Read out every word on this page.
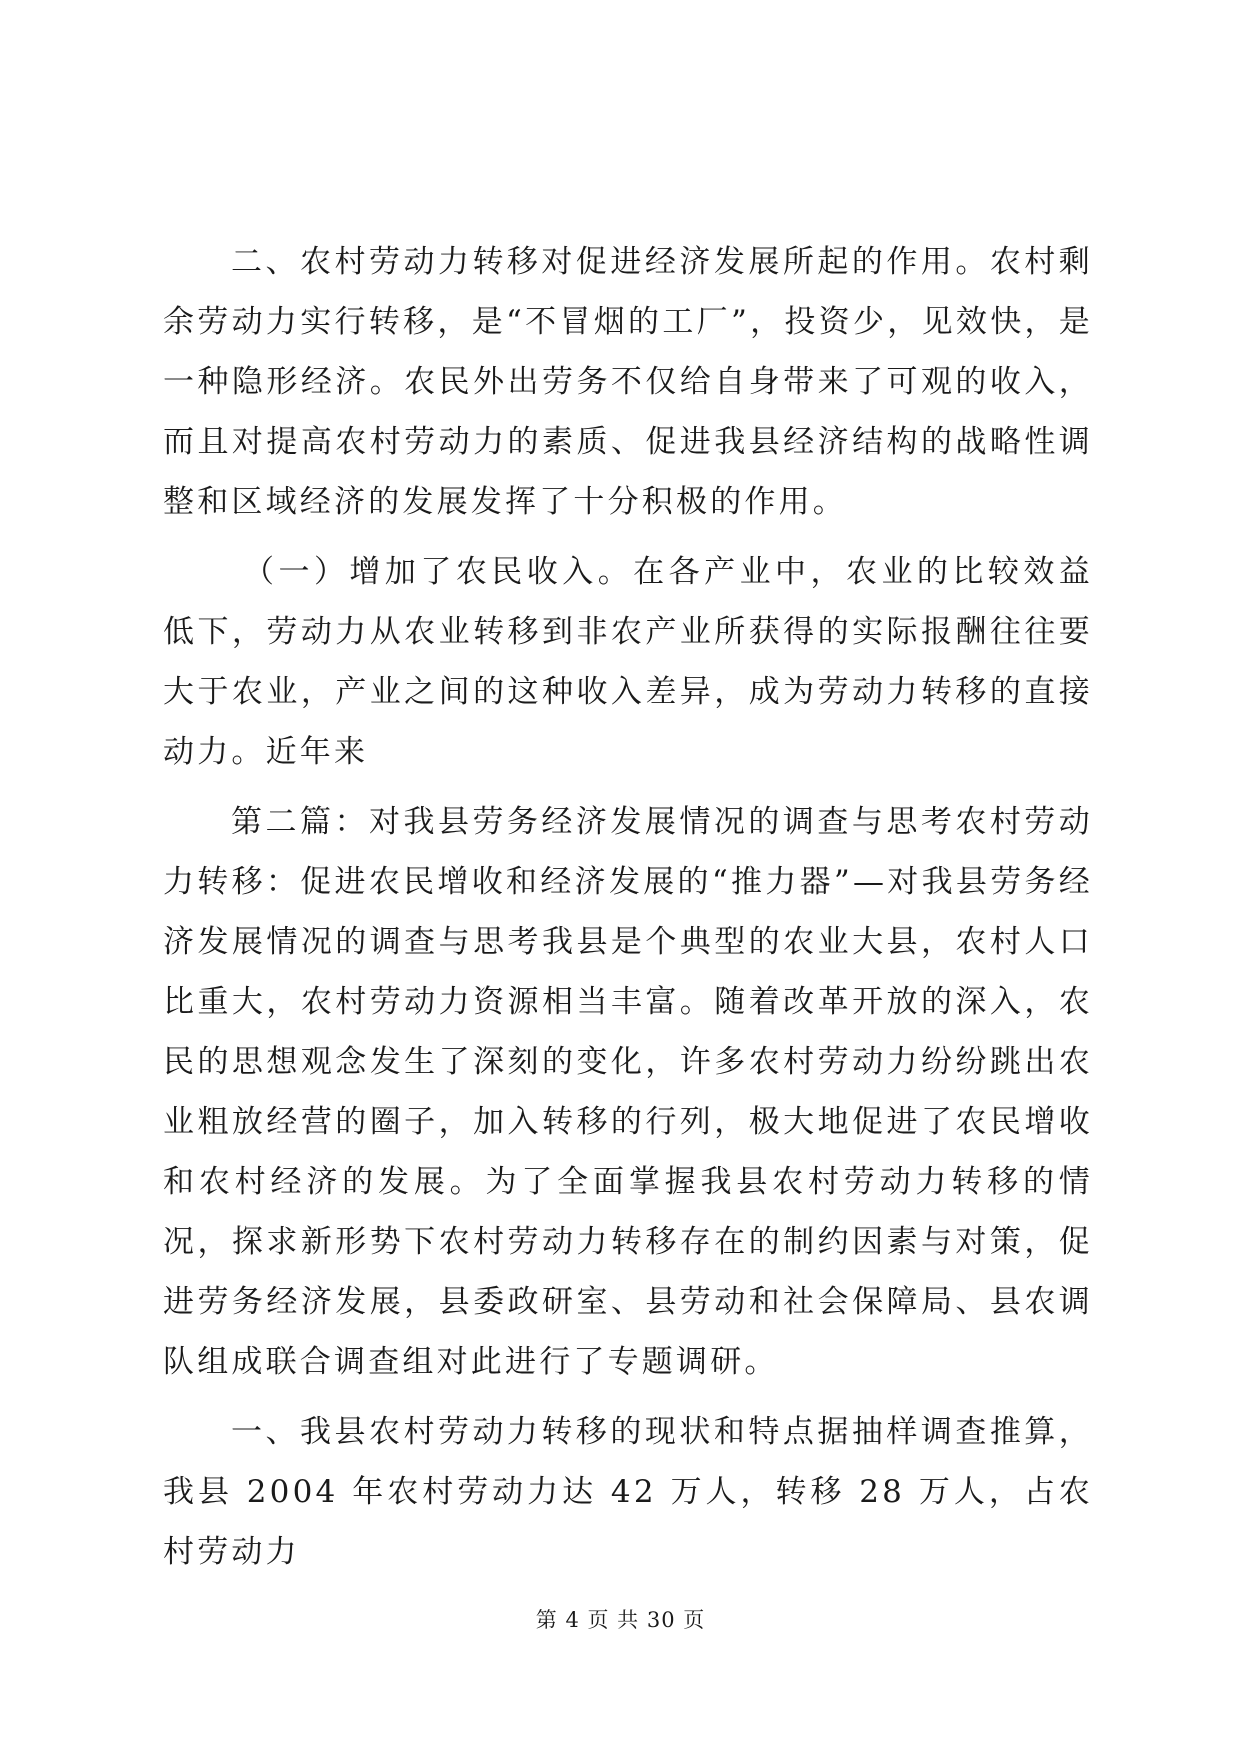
二、农村劳动力转移对促进经济发展所起的作用。农村剩余劳动力实行转移，是“不冒烟的工厂”，投资少，见效快，是一种隐形经济。农民外出劳务不仅给自身带来了可观的收入，而且对提高农村劳动力的素质、促进我县经济结构的战略性调整和区域经济的发展发挥了十分积极的作用。

（一）增加了农民收入。在各产业中，农业的比较效益低下，劳动力从农业转移到非农产业所获得的实际报酬往往要大于农业，产业之间的这种收入差异，成为劳动力转移的直接动力。近年来

第二篇：对我县劳务经济发展情况的调查与思考农村劳动力转移：促进农民增收和经济发展的“推力器”—对我县劳务经济发展情况的调查与思考我县是个典型的农业大县，农村人口比重大，农村劳动力资源相当丰富。随着改革开放的深入，农民的思想观念发生了深刻的变化，许多农村劳动力纷纷跳出农业粗放经营的圈子，加入转移的行列，极大地促进了农民增收和农村经济的发展。为了全面掌握我县农村劳动力转移的情况，探求新形势下农村劳动力转移存在的制约因素与对策，促进劳务经济发展，县委政研室、县劳动和社会保障局、县农调队组成联合调查组对此进行了专题调研。

一、我县农村劳动力转移的现状和特点据抽样调查推算，我县 2004 年农村劳动力达 42 万人，转移 28 万人，占农村劳动力

第 4 页 共 30 页
